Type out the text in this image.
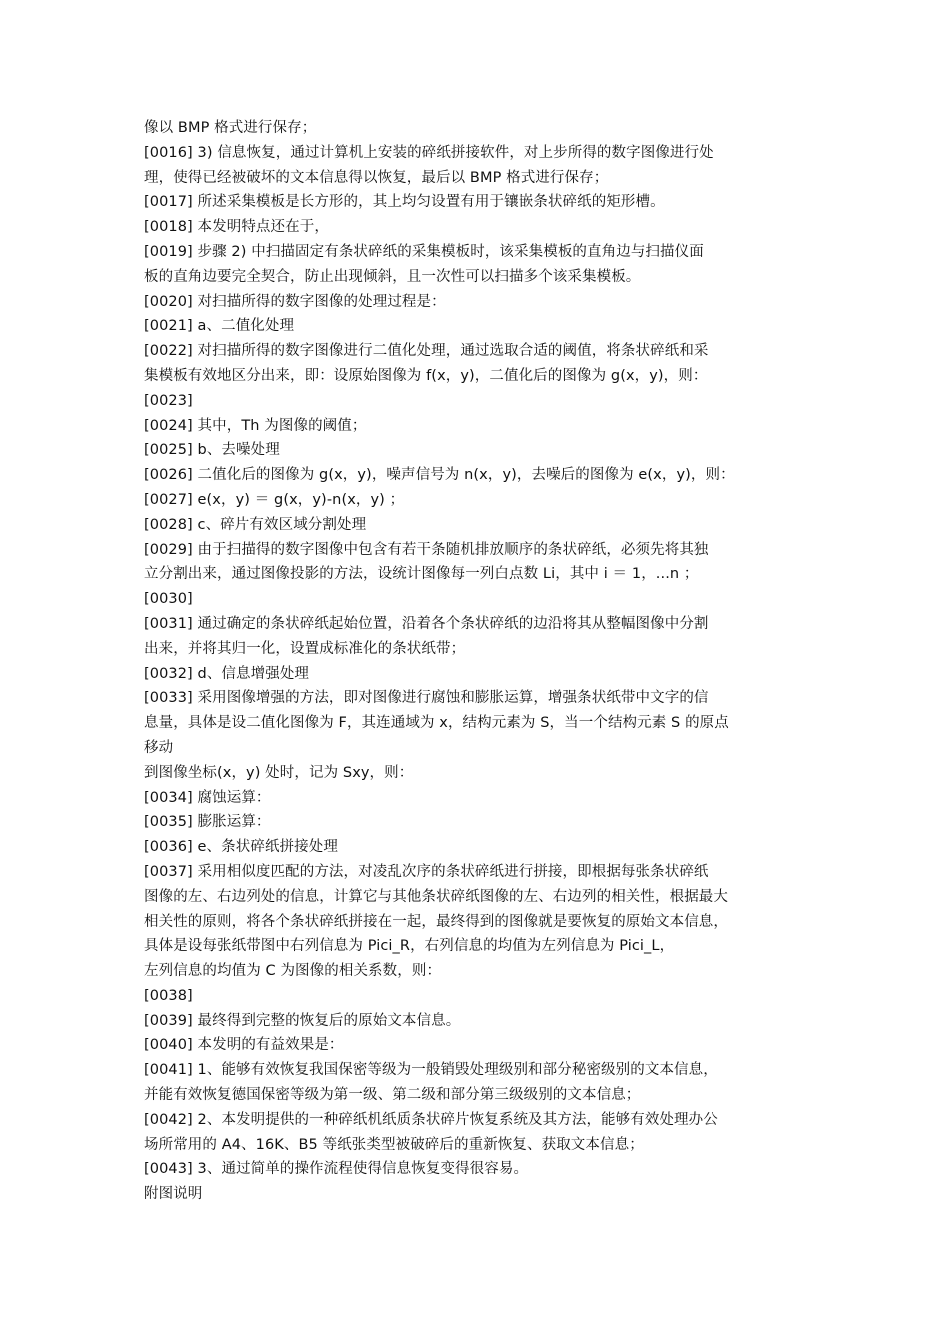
像以 BMP 格式进行保存；
[0016] 3) 信息恢复，通过计算机上安装的碎纸拼接软件，对上步所得的数字图像进行处
理，使得已经被破坏的文本信息得以恢复，最后以 BMP 格式进行保存；
[0017] 所述采集模板是长方形的，其上均匀设置有用于镶嵌条状碎纸的矩形槽。
[0018] 本发明特点还在于，
[0019] 步骤 2) 中扫描固定有条状碎纸的采集模板时，该采集模板的直角边与扫描仪面
板的直角边要完全契合，防止出现倾斜，且一次性可以扫描多个该采集模板。
[0020] 对扫描所得的数字图像的处理过程是：
[0021] a、二值化处理
[0022] 对扫描所得的数字图像进行二值化处理，通过选取合适的阈值，将条状碎纸和采
集模板有效地区分出来，即：设原始图像为 f(x，y)，二值化后的图像为 g(x，y)，则：
[0023]
[0024] 其中，Th 为图像的阈值；
[0025] b、去噪处理
[0026] 二值化后的图像为 g(x，y)，噪声信号为 n(x，y)，去噪后的图像为 e(x，y)，则：
[0027] e(x，y) ＝ g(x，y)-n(x，y) ；
[0028] c、碎片有效区域分割处理
[0029] 由于扫描得的数字图像中包含有若干条随机排放顺序的条状碎纸，必须先将其独
立分割出来，通过图像投影的方法，设统计图像每一列白点数 Li，其中 i ＝ 1，...n ；
[0030]
[0031] 通过确定的条状碎纸起始位置，沿着各个条状碎纸的边沿将其从整幅图像中分割
出来，并将其归一化，设置成标准化的条状纸带；
[0032] d、信息增强处理
[0033] 采用图像增强的方法，即对图像进行腐蚀和膨胀运算，增强条状纸带中文字的信
息量，具体是设二值化图像为 F，其连通域为 x，结构元素为 S，当一个结构元素 S 的原点
移动
到图像坐标(x，y) 处时，记为 Sxy，则：
[0034] 腐蚀运算：
[0035] 膨胀运算：
[0036] e、条状碎纸拼接处理
[0037] 采用相似度匹配的方法，对凌乱次序的条状碎纸进行拼接，即根据每张条状碎纸
图像的左、右边列处的信息，计算它与其他条状碎纸图像的左、右边列的相关性，根据最大
相关性的原则，将各个条状碎纸拼接在一起，最终得到的图像就是要恢复的原始文本信息，
具体是设每张纸带图中右列信息为 Pici_R，右列信息的均值为左列信息为 Pici_L，
左列信息的均值为 C 为图像的相关系数，则：
[0038]
[0039] 最终得到完整的恢复后的原始文本信息。
[0040] 本发明的有益效果是：
[0041] 1、能够有效恢复我国保密等级为一般销毁处理级别和部分秘密级别的文本信息，
并能有效恢复德国保密等级为第一级、第二级和部分第三级级别的文本信息；
[0042] 2、本发明提供的一种碎纸机纸质条状碎片恢复系统及其方法，能够有效处理办公
场所常用的 A4、16K、B5 等纸张类型被破碎后的重新恢复、获取文本信息；
[0043] 3、通过简单的操作流程使得信息恢复变得很容易。
附图说明
